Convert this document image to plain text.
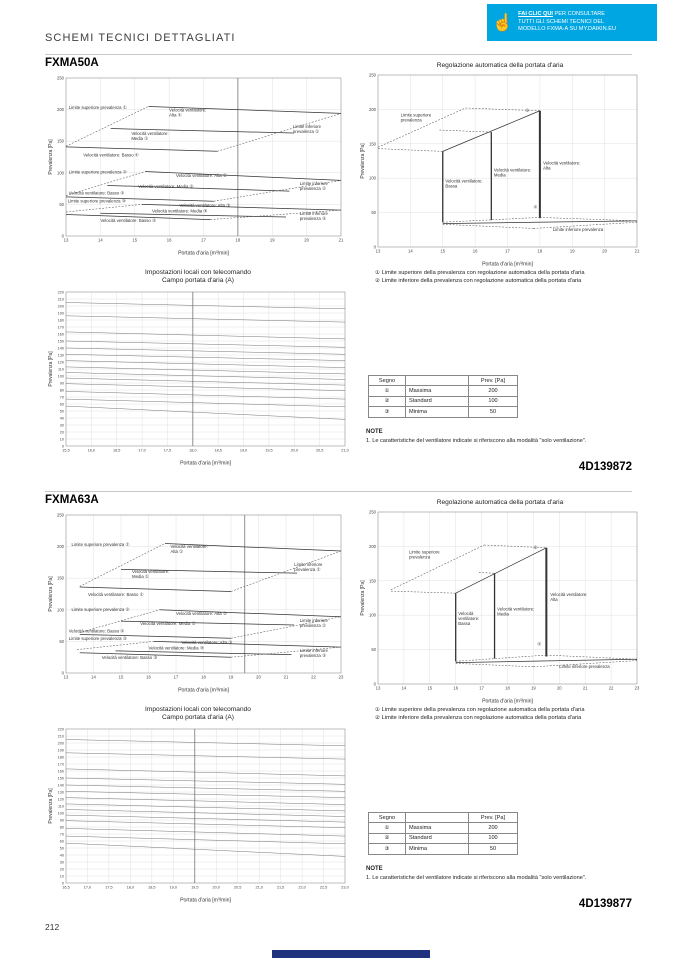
☝ FAI CLIC QUI PER CONSULTARE
TUTTI GLI SCHEMI TECNICI DEL
MODELLO FXMA-A SU MY.DAIKIN.EU
SCHEMI TECNICI DETTAGLIATI
FXMA50A
13	14	15	16	17	18	19	20	21
0
50
100
150
200
250
Limite superiore prevalenza ①
Velocità ventilatore:
Alta ①
Velocità ventilatore:
Media ①
Limite inferiore
prevalenza ①
Velocità ventilatore: Basso ①
Limite superiore prevalenza ②
Velocità ventilatore: Alta ②
Velocità ventilatore: Media ②
Velocità ventilatore: Basso ②
Limite inferiore
prevalenza ②
Limite superiore prevalenza ③
Velocità ventilatore: Alta ③
Velocità ventilatore: Media ③
Velocità ventilatore: Basso ③
Limite inferiore
prevalenza ③
Portata d'aria [m³/min]
Prevalenza [Pa]
Regolazione automatica della portata d'aria
13	14	15	16	17	18	19	20	21
0
50
100
150
200
250
Limite superiore
prevalenza
①
Velocità ventilatore:
Bassa
Velocità ventilatore:
Media
Velocità ventilatore:
Alta
②
Limite inferiore prevalenza
Portata d'aria [m³/min]
Prevalenza [Pa]
① Limite superiore della prevalenza con regolazione automatica della portata d'aria
② Limite inferiore della prevalenza con regolazione automatica della portata d'aria
Impostazioni locali con telecomando
Campo portata d'aria (A)
15,5	16,0	16,5	17,0	17,5	18,0	18,5	19,0	19,5	20,0	20,5	21,0
0
10
20
30
40
50
60
70
80
90
100
110
120
130
140
150
160
170
180
190
200
210
220
Portata d'aria [m³/min]
Prevalenza [Pa]	Segno		Prev. [Pa]
①	Massima	200
②	Standard	100
③	Minima	50
NOTE
1. Le caratteristiche del ventilatore indicate si riferiscono alla modalità "solo ventilazione".
4D139872
FXMA63A
13	14	15	16	17	18	19	20	21	22	23
0
50
100
150
200
250
Limite superiore prevalenza ①	Velocità ventilatore:
Alta ①
Velocità ventilatore:
Media ①
Limite inferiore
prevalenza ①
Velocità ventilatore: Basso ①
Limite superiore prevalenza ②
Velocità ventilatore: Alta ②
Velocità ventilatore: Media ②
Velocità ventilatore: Basso ②
Limite inferiore
prevalenza ②
Limite superiore prevalenza ③
Velocità ventilatore: Alta ③
Velocità ventilatore: Media ③
Velocità ventilatore: Basso ③
Limite inferiore
prevalenza ③
Portata d'aria [m³/min]
Prevalenza [Pa]
Regolazione automatica della portata d'aria
13	14	15	16	17	18	19	20	21	22	23
0
50
100
150
200
250
Limite superiore
prevalenza
①
Velocità
ventilatore:
Bassa
Velocità ventilatore:
Media
Velocità ventilatore:
Alta
②
Limite inferiore prevalenza
Portata d'aria [m³/min]
Prevalenza [Pa]
① Limite superiore della prevalenza con regolazione automatica della portata d'aria
② Limite inferiore della prevalenza con regolazione automatica della portata d'aria
Impostazioni locali con telecomando
Campo portata d'aria (A)
16,5	17,0	17,5	18,0	18,5	19,0	19,5	20,0	20,5	21,0	21,5	22,0	22,5	23,0
0
10
20
30
40
50
60
70
80
90
100
110
120
130
140
150
160
170
180
190
200
210
220
Portata d'aria [m³/min]
Prevalenza [Pa]	Segno		Prev. [Pa]
①	Massima	200
②	Standard	100
③	Minima	50
NOTE
1. Le caratteristiche del ventilatore indicate si riferiscono alla modalità "solo ventilazione".
4D139877
212
